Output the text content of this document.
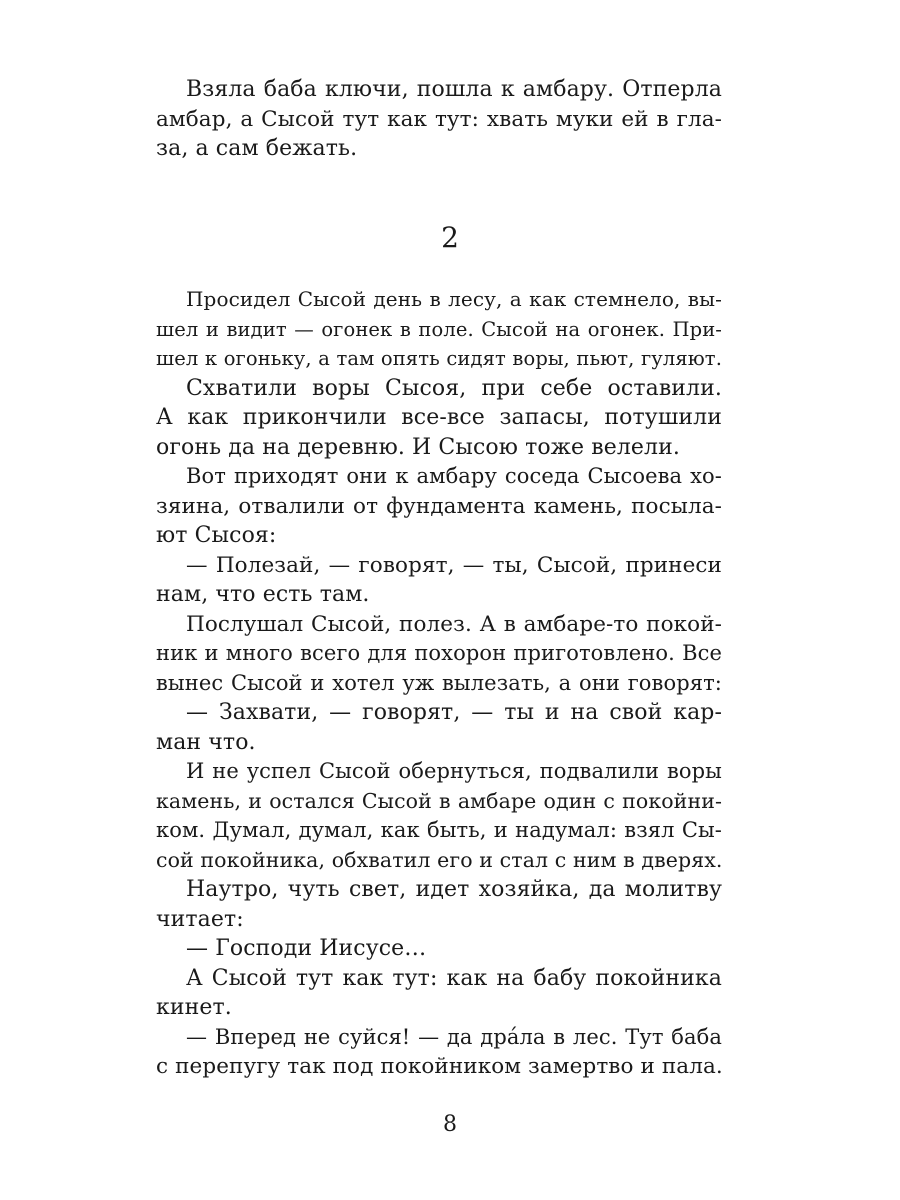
Взяла баба ключи, пошла к амбару. Отперла
амбар, а Сысой тут как тут: хвать муки ей в гла-
за, а сам бежать.
2
Просидел Сысой день в лесу, а как стемнело, вы-
шел и видит — огонек в поле. Сысой на огонек. При-
шел к огоньку, а там опять сидят воры, пьют, гуляют.
Схватили воры Сысоя, при себе оставили.
А как прикончили все-все запасы, потушили
огонь да на деревню. И Сысою тоже велели.
Вот приходят они к амбару соседа Сысоева хо-
зяина, отвалили от фундамента камень, посыла-
ют Сысоя:
— Полезай, — говорят, — ты, Сысой, принеси
нам, что есть там.
Послушал Сысой, полез. А в амбаре-то покой-
ник и много всего для похорон приготовлено. Все
вынес Сысой и хотел уж вылезать, а они говорят:
— Захвати, — говорят, — ты и на свой кар-
ман что.
И не успел Сысой обернуться, подвалили воры
камень, и остался Сысой в амбаре один с покойни-
ком. Думал, думал, как быть, и надумал: взял Сы-
сой покойника, обхватил его и стал с ним в дверях.
Наутро, чуть свет, идет хозяйка, да молитву
читает:
— Господи Иисусе…
А Сысой тут как тут: как на бабу покойника
кинет.
— Вперед не суйся! — да дра́ла в лес. Тут баба
с перепугу так под покойником замертво и пала.
8
